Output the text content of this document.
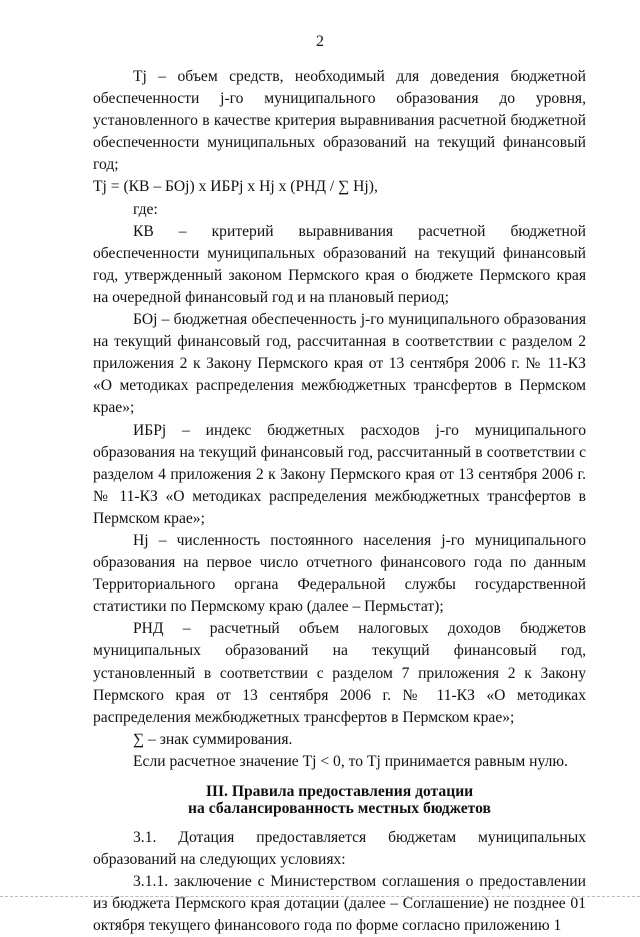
2

Tj – объем средств, необходимый для доведения бюджетной обеспеченности j-го муниципального образования до уровня, установленного в качестве критерия выравнивания расчетной бюджетной обеспеченности муниципальных образований на текущий финансовый год;

Tj = (КВ – БОj) х ИБРj х Hj х (РНД / ∑ Hj),

где:

КВ – критерий выравнивания расчетной бюджетной обеспеченности муниципальных образований на текущий финансовый год, утвержденный законом Пермского края о бюджете Пермского края на очередной финансовый год и на плановый период;

БОj – бюджетная обеспеченность j-го муниципального образования на текущий финансовый год, рассчитанная в соответствии с разделом 2 приложения 2 к Закону Пермского края от 13 сентября 2006 г. № 11-КЗ «О методиках распределения межбюджетных трансфертов в Пермском крае»;

ИБРj – индекс бюджетных расходов j-го муниципального образования на текущий финансовый год, рассчитанный в соответствии с разделом 4 приложения 2 к Закону Пермского края от 13 сентября 2006 г. № 11-КЗ «О методиках распределения межбюджетных трансфертов в Пермском крае»;

Hj – численность постоянного населения j-го муниципального образования на первое число отчетного финансового года по данным Территориального органа Федеральной службы государственной статистики по Пермскому краю (далее – Пермьстат);

РНД – расчетный объем налоговых доходов бюджетов муниципальных образований на текущий финансовый год, установленный в соответствии с разделом 7 приложения 2 к Закону Пермского края от 13 сентября 2006 г. № 11-КЗ «О методиках распределения межбюджетных трансфертов в Пермском крае»;

∑ – знак суммирования.

Если расчетное значение Tj < 0, то Tj принимается равным нулю.

III. Правила предоставления дотации
на сбалансированность местных бюджетов

3.1. Дотация предоставляется бюджетам муниципальных образований на следующих условиях:

3.1.1. заключение с Министерством соглашения о предоставлении из бюджета Пермского края дотации (далее – Соглашение) не позднее 01 октября текущего финансового года по форме согласно приложению 1
